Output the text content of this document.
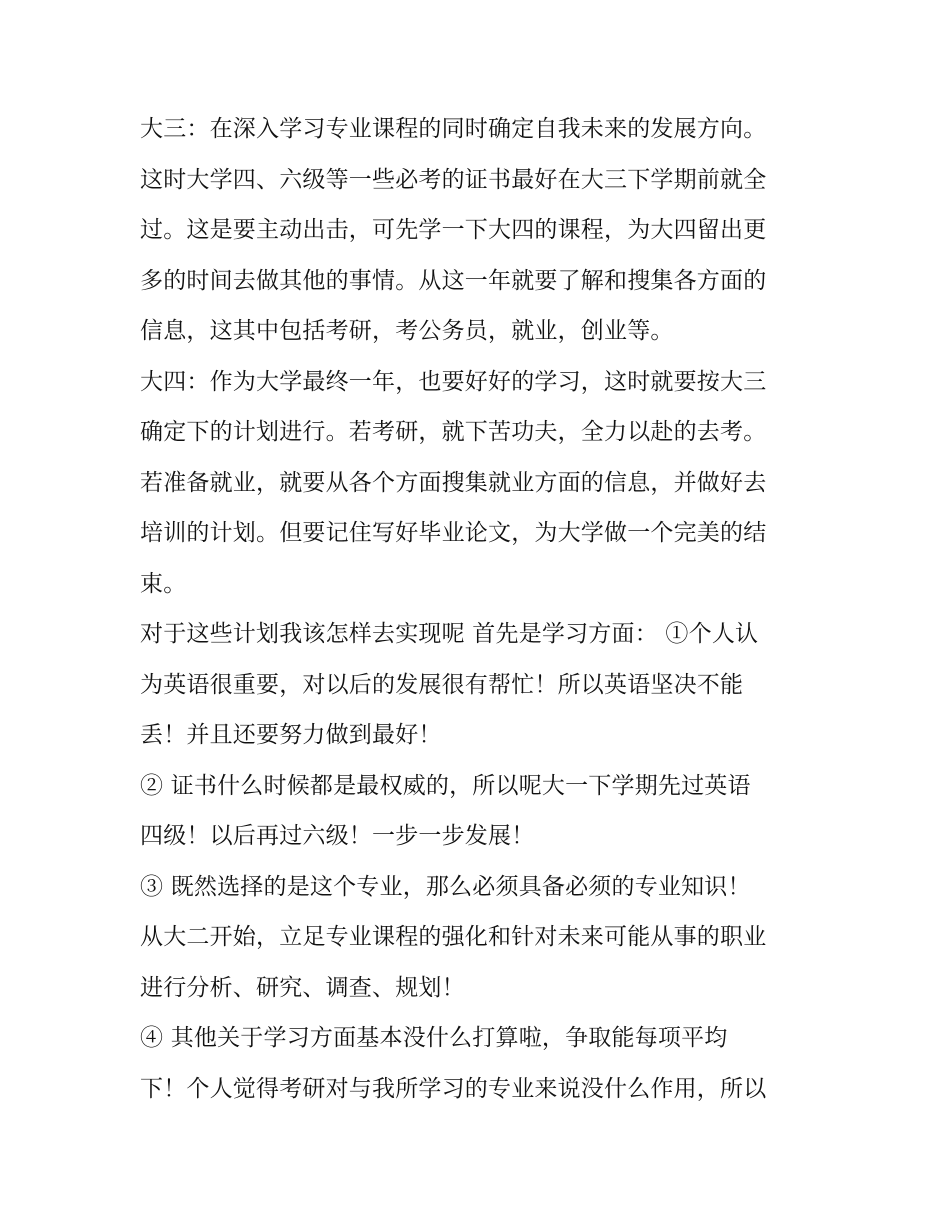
大三：在深入学习专业课程的同时确定自我未来的发展方向。
这时大学四、六级等一些必考的证书最好在大三下学期前就全
过。这是要主动出击，可先学一下大四的课程，为大四留出更
多的时间去做其他的事情。从这一年就要了解和搜集各方面的
信息，这其中包括考研，考公务员，就业，创业等。
大四：作为大学最终一年，也要好好的学习，这时就要按大三
确定下的计划进行。若考研，就下苦功夫，全力以赴的去考。
若准备就业，就要从各个方面搜集就业方面的信息，并做好去
培训的计划。但要记住写好毕业论文，为大学做一个完美的结
束。
对于这些计划我该怎样去实现呢 首先是学习方面： ①个人认
为英语很重要，对以后的发展很有帮忙！所以英语坚决不能
丢！并且还要努力做到最好！
② 证书什么时候都是最权威的，所以呢大一下学期先过英语
四级！以后再过六级！一步一步发展！
③ 既然选择的是这个专业，那么必须具备必须的专业知识！
从大二开始，立足专业课程的强化和针对未来可能从事的职业
进行分析、研究、调查、规划！
④ 其他关于学习方面基本没什么打算啦，争取能每项平均
下！个人觉得考研对与我所学习的专业来说没什么作用，所以
